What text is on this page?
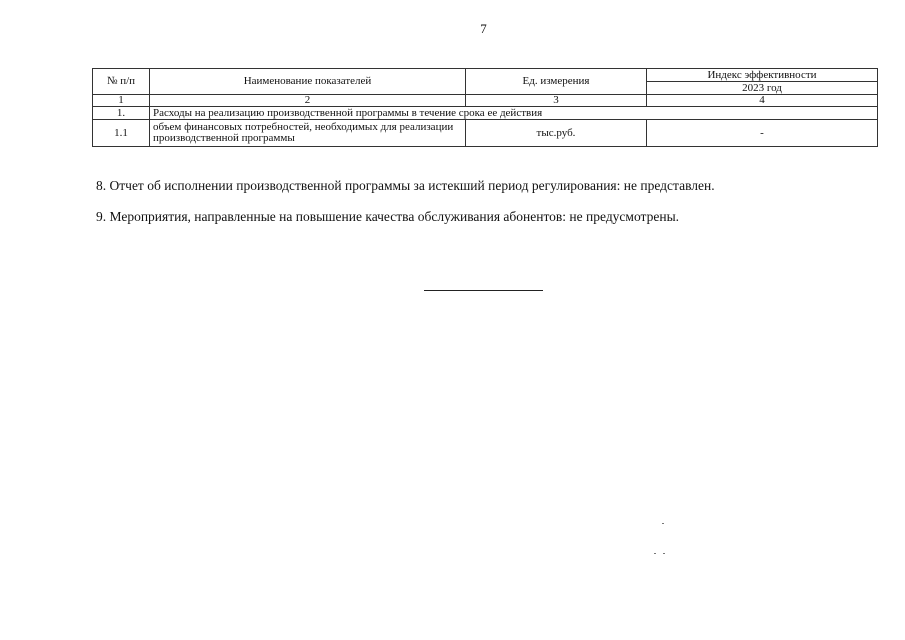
7
№ п/п	Наименование показателей	Ед. измерения	Индекс эффективности
			2023 год
1	2	3	4
1.	Расходы на реализацию производственной программы в течение срока ее действия		
1.1	объем финансовых потребностей, необходимых для реализации производственной программы	тыс.руб.	-
8. Отчет об исполнении производственной программы за истекший период регулирования: не представлен.
9. Мероприятия, направленные на повышение качества обслуживания абонентов: не предусмотрены.
